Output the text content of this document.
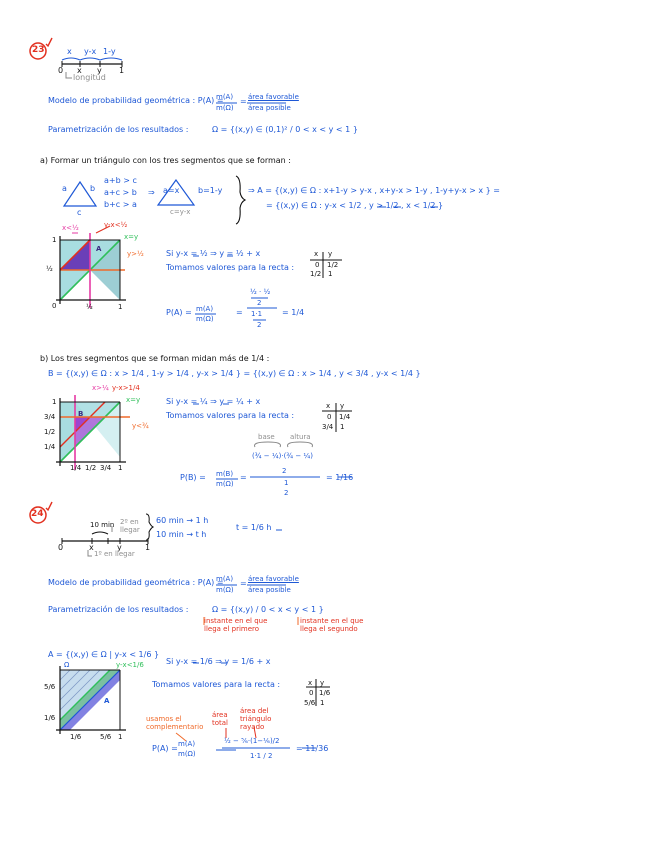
23	x y-x 1-y
0 x y 1
longitud
Modelo de probabilidad geométrica : P(A) =
m(A)
m(Ω)
= área favorable
área posible
Parametrización de los resultados :	Ω = {(x,y) ∈ (0,1)² / 0 < x < y < 1 }
a) Formar un triángulo con los tres segmentos que se forman :
a	b
c
a+b > c
a+c > b
b+c > a
⇒ a=x b=1-y
c=y-x
⇒ A = {(x,y) ∈ Ω : x+1-y > y-x , x+y-x > 1-y , 1-y+y-x > x } =
= {(x,y) ∈ Ω : y-x < 1/2 , y > 1/2 , x < 1/2 }
x<½	y-x<½
x=y
y>½
1
½
0	½	1
A	Si y-x = ½ ⇒ y = ½ + x
Tomamos valores para la recta :
x y
0 1/2
1/2 1
P(A) = m(A)
m(Ω)
=
½ · ½
2
1·1
2
= 1/4
b) Los tres segmentos que se forman midan más de 1/4 :
B = {(x,y) ∈ Ω : x > 1/4 , 1-y > 1/4 , y-x > 1/4 } = {(x,y) ∈ Ω : x > 1/4 , y < 3/4 , y-x < 1/4 }
x>¼ y-x>1/4
x=y
y<¾
B
1
3/4
1/2
1/4
1/4 1/2 3/4 1
Si y-x = ¼ ⇒ y = ¼ + x
Tomamos valores para la recta :
x y
0 1/4
3/4 1
base altura
(¾ − ¼)·(¾ − ¼)
2
1
2
P(B) = m(B)
m(Ω)
=	= 1/16
24
10 min 2º en llegar
0	x	y	1
1º en llegar
60 min → 1 h
10 min → t h
t = 1/6 h
Modelo de probabilidad geométrica : P(A) =
m(A)
m(Ω)
= área favorable
área posible
Parametrización de los resultados :	Ω = {(x,y) / 0 < x < y < 1 }
instante en el que llega el primero
instante en el que llega el segundo
A = {(x,y) ∈ Ω | y-x < 1/6 }
Ω	y-x<1/6
A
5/6
1/6
1/6	5/6 1
Si y-x = 1/6 ⇒ y = 1/6 + x
Tomamos valores para la recta :	x y
0 1/6
5/6 1
usamos el complementario
área total
área del triángulo rayado
P(A) = m(A)
m(Ω)
½ − ⅚·(1−⅙)/2
1·1 / 2
= 11/36
